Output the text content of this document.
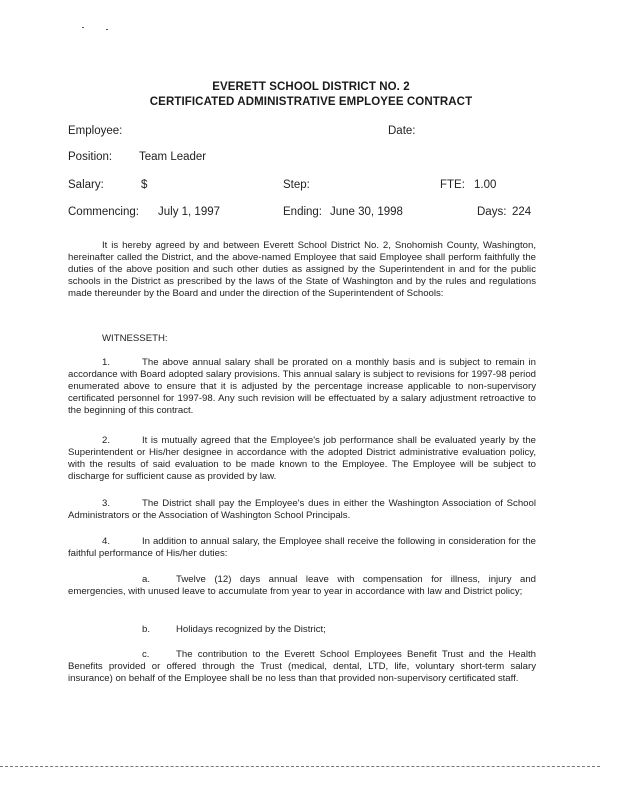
EVERETT SCHOOL DISTRICT NO. 2
CERTIFICATED ADMINISTRATIVE EMPLOYEE CONTRACT
Employee:	Date:
Position: Team Leader
Salary:	$	Step:	FTE: 1.00
Commencing: July 1, 1997	Ending: June 30, 1998	Days: 224
It is hereby agreed by and between Everett School District No. 2, Snohomish County, Washington, hereinafter called the District, and the above-named Employee that said Employee shall perform faithfully the duties of the above position and such other duties as assigned by the Superintendent in and for the public schools in the District as prescribed by the laws of the State of Washington and by the rules and regulations made thereunder by the Board and under the direction of the Superintendent of Schools:
WITNESSETH:
1.	The above annual salary shall be prorated on a monthly basis and is subject to remain in accordance with Board adopted salary provisions. This annual salary is subject to revisions for 1997-98 period enumerated above to ensure that it is adjusted by the percentage increase applicable to non-supervisory certificated personnel for 1997-98. Any such revision will be effectuated by a salary adjustment retroactive to the beginning of this contract.
2.	It is mutually agreed that the Employee's job performance shall be evaluated yearly by the Superintendent or His/her designee in accordance with the adopted District administrative evaluation policy, with the results of said evaluation to be made known to the Employee. The Employee will be subject to discharge for sufficient cause as provided by law.
3.	The District shall pay the Employee's dues in either the Washington Association of School Administrators or the Association of Washington School Principals.
4.	In addition to annual salary, the Employee shall receive the following in consideration for the faithful performance of His/her duties:
a.	Twelve (12) days annual leave with compensation for illness, injury and emergencies, with unused leave to accumulate from year to year in accordance with law and District policy;
b.	Holidays recognized by the District;
c.	The contribution to the Everett School Employees Benefit Trust and the Health Benefits provided or offered through the Trust (medical, dental, LTD, life, voluntary short-term salary insurance) on behalf of the Employee shall be no less than that provided non-supervisory certificated staff.
